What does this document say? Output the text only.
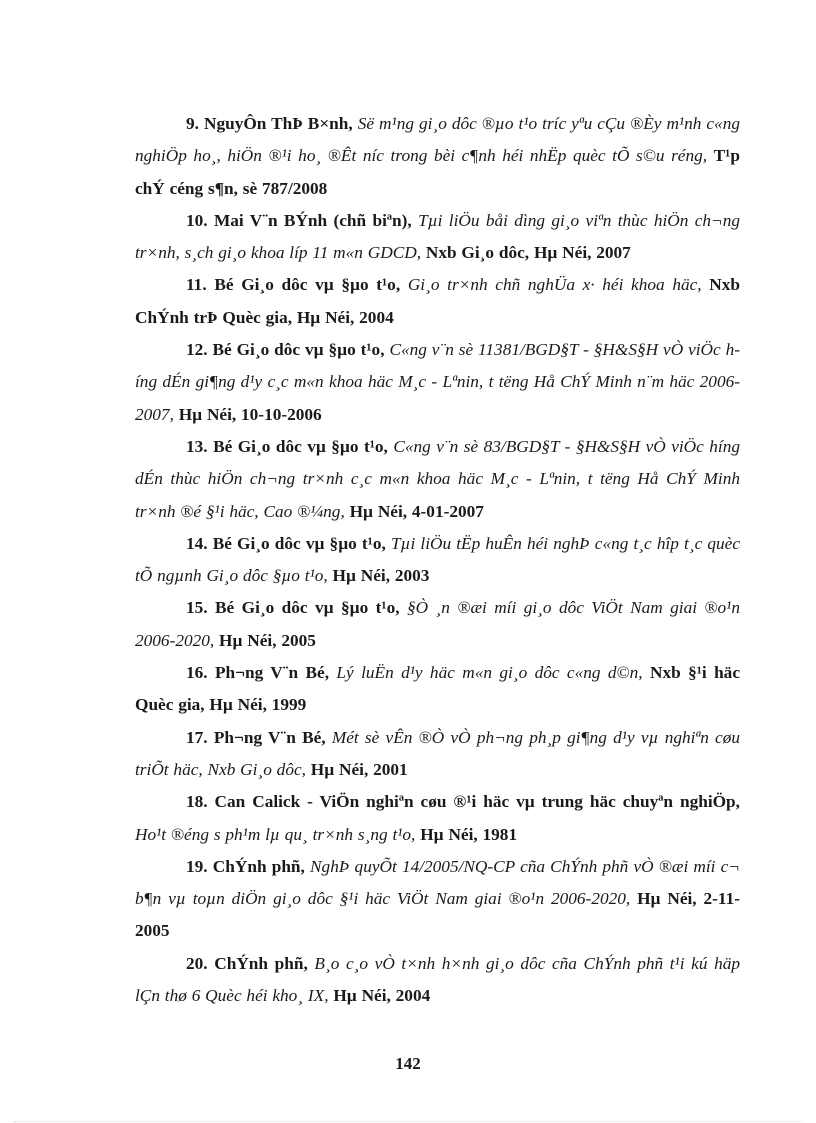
9. NguyÔn ThÞ B×nh, Së m¹ng gi¸o dôc ®µo t¹o tríc yªu cÇu ®Èy m¹nh c«ng nghiÖp ho¸, hiÖn ®¹i ho¸ ®Êt níc trong bèi c¶nh héi nhËp quèc tÕ s©u réng, T¹p chÝ céng s¶n, sè 787/2008

10. Mai V¨n BÝnh (chñ biªn), Tµi liÖu båi dìng gi¸o viªn thùc hiÖn ch¬ng tr×nh, s¸ch gi¸o khoa líp 11 m«n GDCD, Nxb Gi¸o dôc, Hµ Néi, 2007

11. Bé Gi¸o dôc vµ §µo t¹o, Gi¸o tr×nh chñ nghÜa x· héi khoa häc, Nxb ChÝnh trÞ Quèc gia, Hµ Néi, 2004

12. Bé Gi¸o dôc vµ §µo t¹o, C«ng v¨n sè 11381/BGD§T - §H&S§H vÒ viÖc híng dÉn gi¶ng d¹y c¸c m«n khoa häc M¸c - Lªnin, t tëng Hå ChÝ Minh n¨m häc 2006-2007, Hµ Néi, 10-10-2006

13. Bé Gi¸o dôc vµ §µo t¹o, C«ng v¨n sè 83/BGD§T - §H&S§H vÒ viÖc híng dÉn thùc hiÖn ch¬ng tr×nh c¸c m«n khoa häc M¸c - Lªnin, t tëng Hå ChÝ Minh tr×nh ®é §¹i häc, Cao ®¼ng, Hµ Néi, 4-01-2007

14. Bé Gi¸o dôc vµ §µo t¹o, Tµi liÖu tËp huÊn héi nghÞ c«ng t¸c hîp t¸c quèc tÕ ngµnh Gi¸o dôc §µo t¹o, Hµ Néi, 2003

15. Bé Gi¸o dôc vµ §µo t¹o, §Ò ¸n ®æi míi gi¸o dôc ViÖt Nam giai ®o¹n 2006-2020, Hµ Néi, 2005

16. Ph¬ng V¨n Bé, Lý luËn d¹y häc m«n gi¸o dôc c«ng d©n, Nxb §¹i häc Quèc gia, Hµ Néi, 1999

17. Ph¬ng V¨n Bé, Mét sè vÊn ®Ò vÒ ph¬ng ph¸p gi¶ng d¹y vµ nghiªn cøu triÕt häc, Nxb Gi¸o dôc, Hµ Néi, 2001

18. Can Calick - ViÖn nghiªn cøu ®¹i häc vµ trung häc chuyªn nghiÖp, Ho¹t ®éng s ph¹m lµ qu¸ tr×nh s¸ng t¹o, Hµ Néi, 1981

19. ChÝnh phñ, NghÞ quyÕt 14/2005/NQ-CP cña ChÝnh phñ vÒ ®æi míi c¬ b¶n vµ toµn diÖn gi¸o dôc §¹i häc ViÖt Nam giai ®o¹n 2006-2020, Hµ Néi, 2-11-2005

20. ChÝnh phñ, B¸o c¸o vÒ t×nh h×nh gi¸o dôc cña ChÝnh phñ t¹i kú häp lÇn thø 6 Quèc héi kho¸ IX, Hµ Néi, 2004

142
